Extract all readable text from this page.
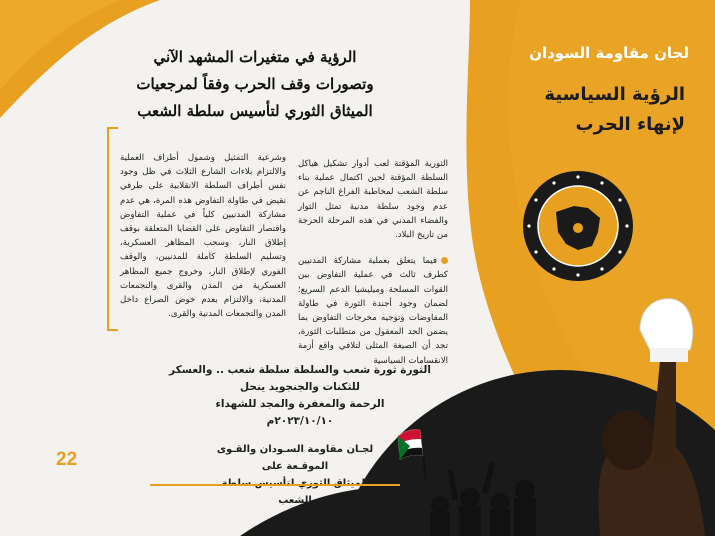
لجان مقاومة السودان
الرؤية السياسية
لإنهاء الحرب
الرؤية في متغيرات المشهد الآني
وتصورات وقف الحرب وفقاً لمرجعيات
الميثاق الثوري لتأسيس سلطة الشعب

الثورية المؤقتة لعب أدوار تشكيل هياكل السلطة المؤقتة لحين اكتمال عملية بناء سلطة الشعب لمخاطبة الفراغ الناجم عن عدم وجود سلطة مدنية تمثل الثوار والفضاء المدني في هذه المرحلة الحرجة من تاريخ البلاد.

فيما يتعلق بعملية مشاركة المدنيين كطرف ثالث في عملية التفاوض بين القوات المسلحة وميليشيا الدعم السريع؛ لضمان وجود أجندة الثورة في طاولة المفاوضات وتوجيه مخرجات التفاوض بما يضمن الحد المعقول من متطلبات الثورة، تجد أن الصيغة المثلى لتلافي واقع أزمة الانقسامات السياسية

وشرعية التمثيل وشمول أطراف العملية والالتزام بلاءات الشارع الثلاث في ظل وجود نفس أطراف السلطة الانقلابية على طرفي نقيض في طاولة التفاوض هذه المرة، هي عدم مشاركة المدنيين كلياً في عملية التفاوض واقتصار التفاوض على القضايا المتعلقة بوقف إطلاق النار، وسحب المظاهر العسكرية، وتسليم السلطة كاملة للمدنيين، والوقف الفوري لإطلاق النار، وخروج جميع المظاهر العسكرية من المدن والقرى والتجمعات المدنية، والالتزام بعدم خوض الصراع داخل المدن والتجمعات المدنية والقرى.

الثورة ثورة شعب والسلطة سلطة شعب .. والعسكر للثكنات والجنجويد ينحل
الرحمة والمغفرة والمجد للشهداء
٢٠٢٣/١٠/١٠م
لجـان مقاومة السـودان والقـوى الموقـعة على
الشعب
22
